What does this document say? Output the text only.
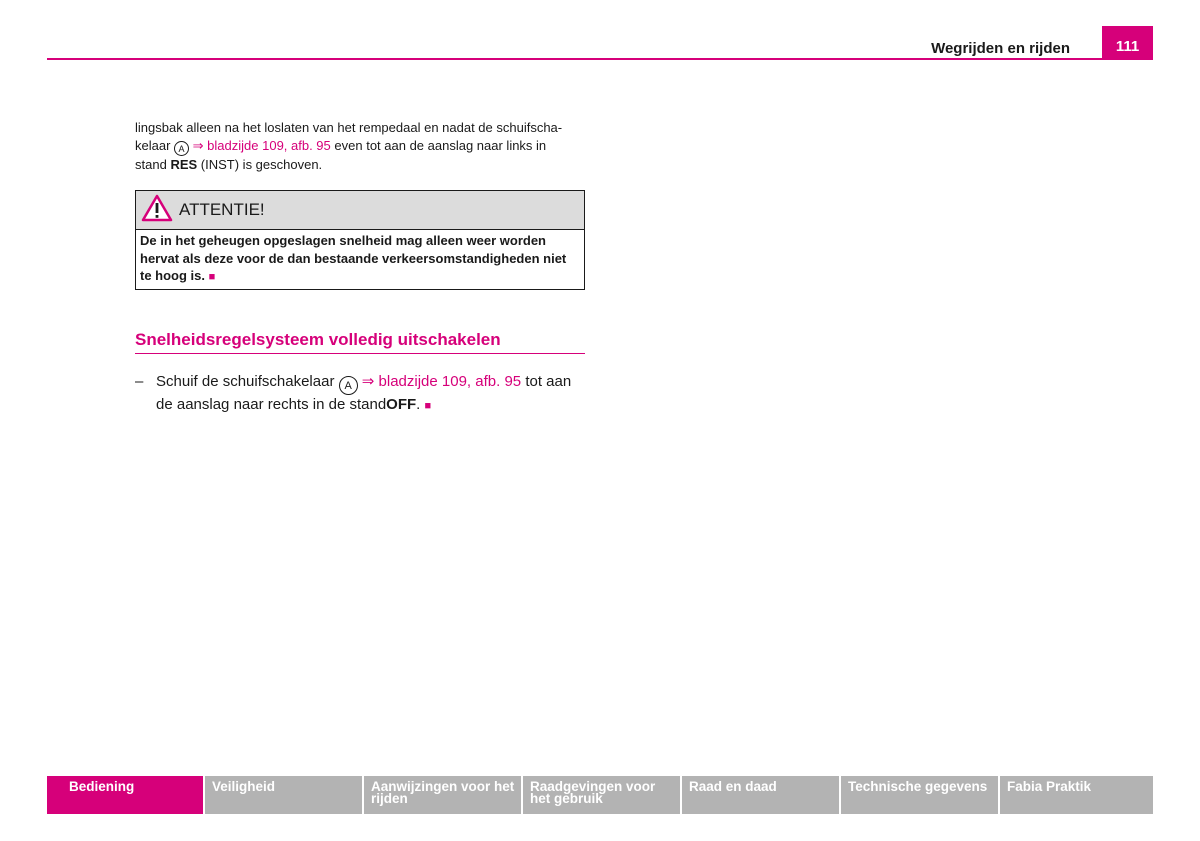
Wegrijden en rijden	111
lingsbak alleen na het loslaten van het rempedaal en nadat de schuifscha-
kelaar A ⇒ bladzijde 109, afb. 95 even tot aan de aanslag naar links in
stand RES (INST) is geschoven.
ATTENTIE!
De in het geheugen opgeslagen snelheid mag alleen weer worden hervat als deze voor de dan bestaande verkeersomstandigheden niet te hoog is. ■
Snelheidsregelsysteem volledig uitschakelen
– Schuif de schuifschakelaar A ⇒ bladzijde 109, afb. 95 tot aan de aanslag naar rechts in de standOFF. ■
Bediening	Veiligheid	Aanwijzingen voor het rijden
Raadgevingen voor het gebruik
Raad en daad	Technische gegevens	Fabia Praktik
